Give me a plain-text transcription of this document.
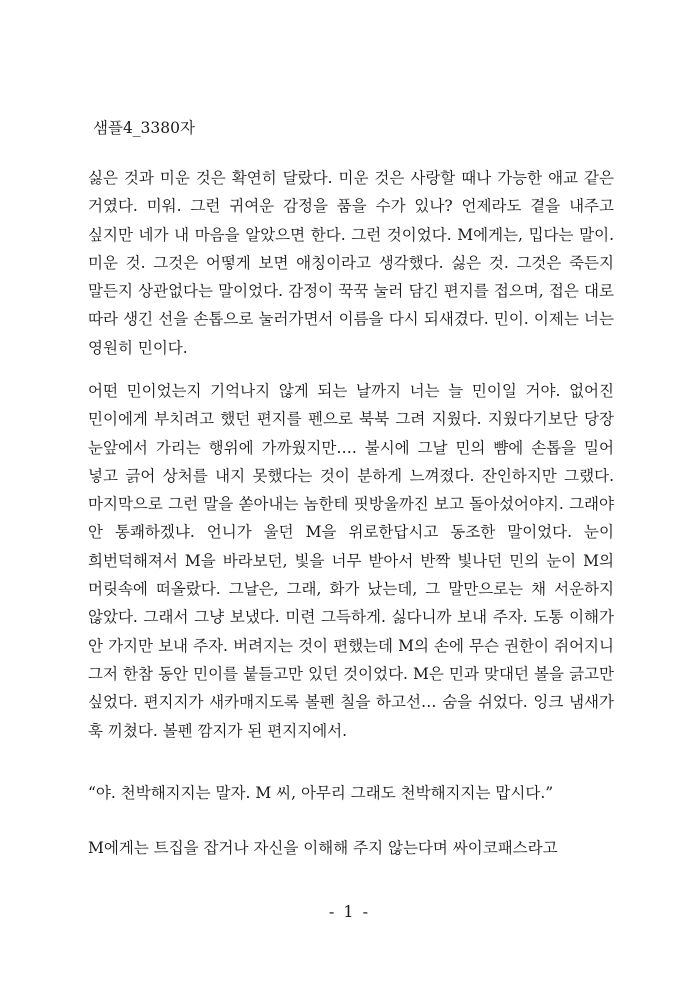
샘플4_3380자

싫은 것과 미운 것은 확연히 달랐다. 미운 것은 사랑할 때나 가능한 애교 같은 거였다. 미워. 그런 귀여운 감정을 품을 수가 있나? 언제라도 곁을 내주고 싶지만 네가 내 마음을 알았으면 한다. 그런 것이었다. M에게는, 밉다는 말이. 미운 것. 그것은 어떻게 보면 애칭이라고 생각했다. 싫은 것. 그것은 죽든지 말든지 상관없다는 말이었다. 감정이 꾹꾹 눌러 담긴 편지를 접으며, 접은 대로 따라 생긴 선을 손톱으로 눌러가면서 이름을 다시 되새겼다. 민이. 이제는 너는 영원히 민이다.

어떤 민이었는지 기억나지 않게 되는 날까지 너는 늘 민이일 거야. 없어진 민이에게 부치려고 했던 편지를 펜으로 북북 그려 지웠다. 지웠다기보단 당장 눈앞에서 가리는 행위에 가까웠지만…. 불시에 그날 민의 뺨에 손톱을 밀어 넣고 긁어 상처를 내지 못했다는 것이 분하게 느껴졌다. 잔인하지만 그랬다. 마지막으로 그런 말을 쏟아내는 놈한테 핏방울까진 보고 돌아섰어야지. 그래야 안 통쾌하겠냐. 언니가 울던 M을 위로한답시고 동조한 말이었다. 눈이 희번덕해져서 M을 바라보던, 빛을 너무 받아서 반짝 빛나던 민의 눈이 M의 머릿속에 떠올랐다. 그날은, 그래, 화가 났는데, 그 말만으로는 채 서운하지 않았다. 그래서 그냥 보냈다. 미련 그득하게. 싫다니까 보내 주자. 도통 이해가 안 가지만 보내 주자. 버려지는 것이 편했는데 M의 손에 무슨 권한이 쥐어지니 그저 한참 동안 민이를 붙들고만 있던 것이었다. M은 민과 맞대던 볼을 긁고만 싶었다. 편지지가 새카매지도록 볼펜 칠을 하고선… 숨을 쉬었다. 잉크 냄새가 훅 끼쳤다. 볼펜 깜지가 된 편지지에서.

“야. 천박해지지는 말자. M 씨, 아무리 그래도 천박해지지는 맙시다.”

M에게는 트집을 잡거나 자신을 이해해 주지 않는다며 싸이코패스라고

- 1 -
